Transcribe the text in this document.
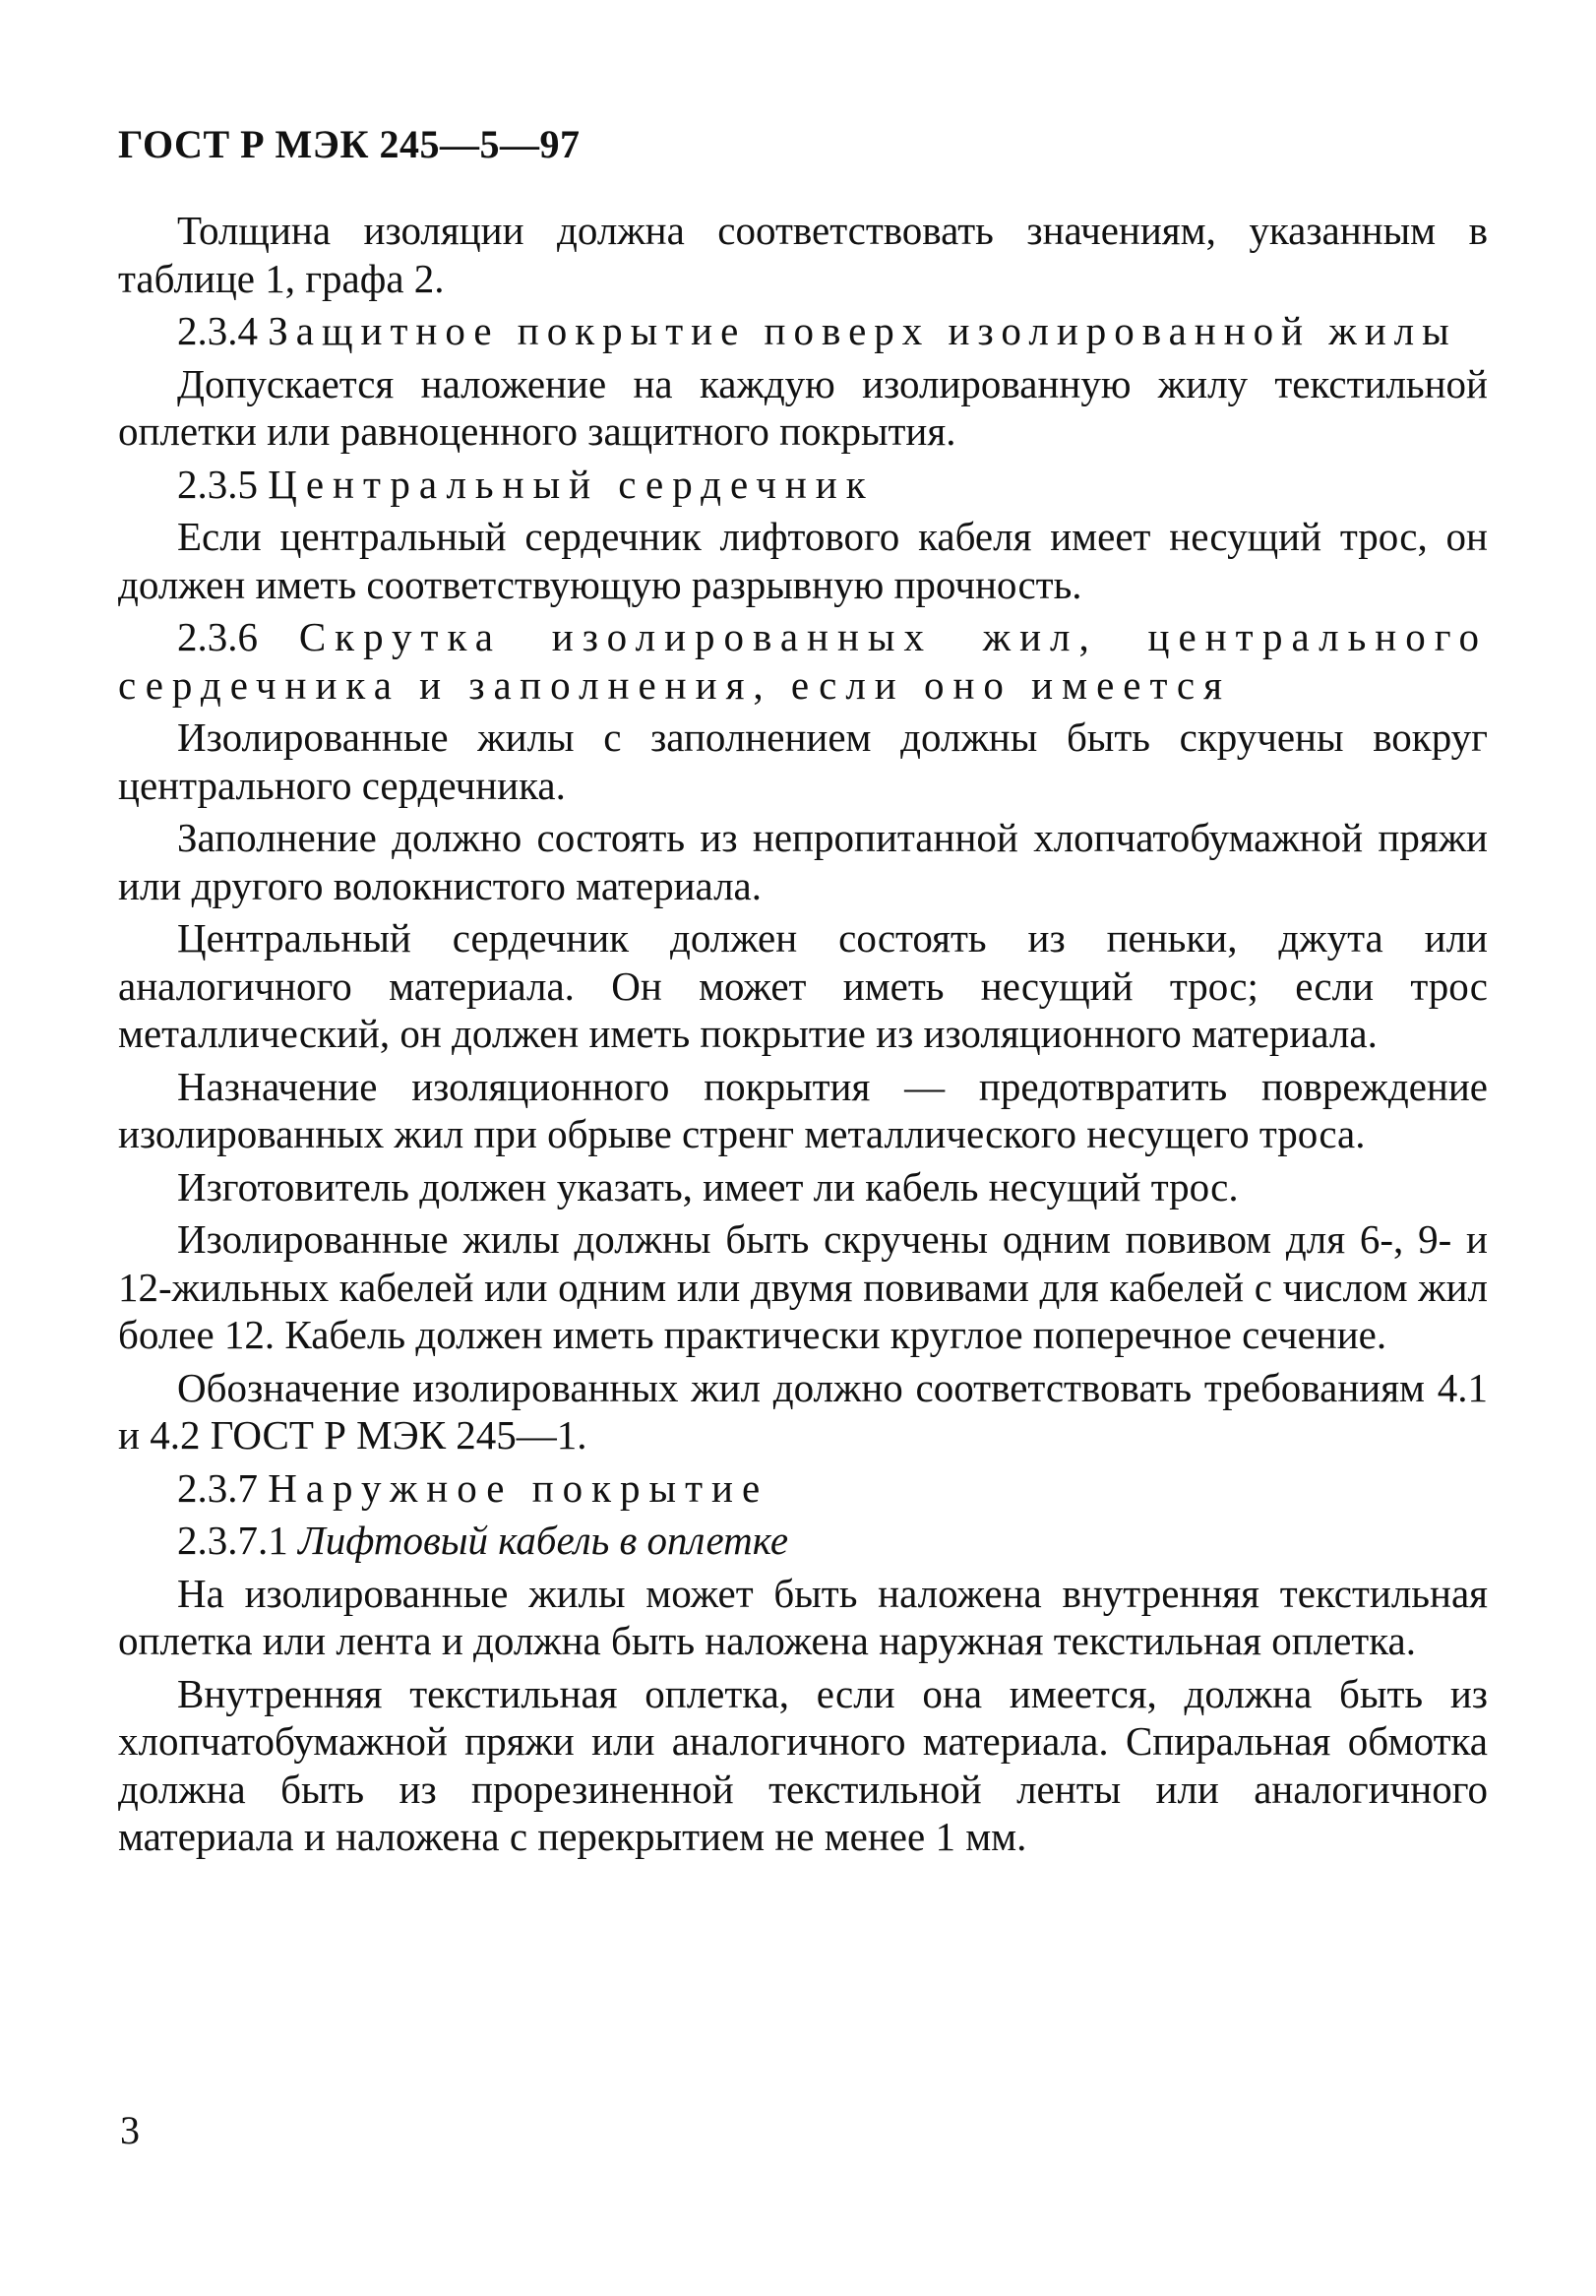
ГОСТ Р МЭК 245—5—97

Толщина изоляции должна соответствовать значениям, указанным в таблице 1, графа 2.

2.3.4 Защитное покрытие поверх изолированной жилы

Допускается наложение на каждую изолированную жилу текстильной оплетки или равноценного защитного покрытия.

2.3.5 Центральный сердечник

Если центральный сердечник лифтового кабеля имеет несущий трос, он должен иметь соответствующую разрывную прочность.

2.3.6 Скрутка изолированных жил, центрального сердечника и заполнения, если оно имеется

Изолированные жилы с заполнением должны быть скручены вокруг центрального сердечника.

Заполнение должно состоять из непропитанной хлопчатобумажной пряжи или другого волокнистого материала.

Центральный сердечник должен состоять из пеньки, джута или аналогичного материала. Он может иметь несущий трос; если трос металлический, он должен иметь покрытие из изоляционного материала.

Назначение изоляционного покрытия — предотвратить повреждение изолированных жил при обрыве стренг металлического несущего троса.

Изготовитель должен указать, имеет ли кабель несущий трос.

Изолированные жилы должны быть скручены одним повивом для 6-, 9- и 12-жильных кабелей или одним или двумя повивами для кабелей с числом жил более 12. Кабель должен иметь практически круглое поперечное сечение.

Обозначение изолированных жил должно соответствовать требованиям 4.1 и 4.2 ГОСТ Р МЭК 245—1.

2.3.7 Наружное покрытие

2.3.7.1 Лифтовый кабель в оплетке

На изолированные жилы может быть наложена внутренняя текстильная оплетка или лента и должна быть наложена наружная текстильная оплетка.

Внутренняя текстильная оплетка, если она имеется, должна быть из хлопчатобумажной пряжи или аналогичного материала. Спиральная обмотка должна быть из прорезиненной текстильной ленты или аналогичного материала и наложена с перекрытием не менее 1 мм.

3
